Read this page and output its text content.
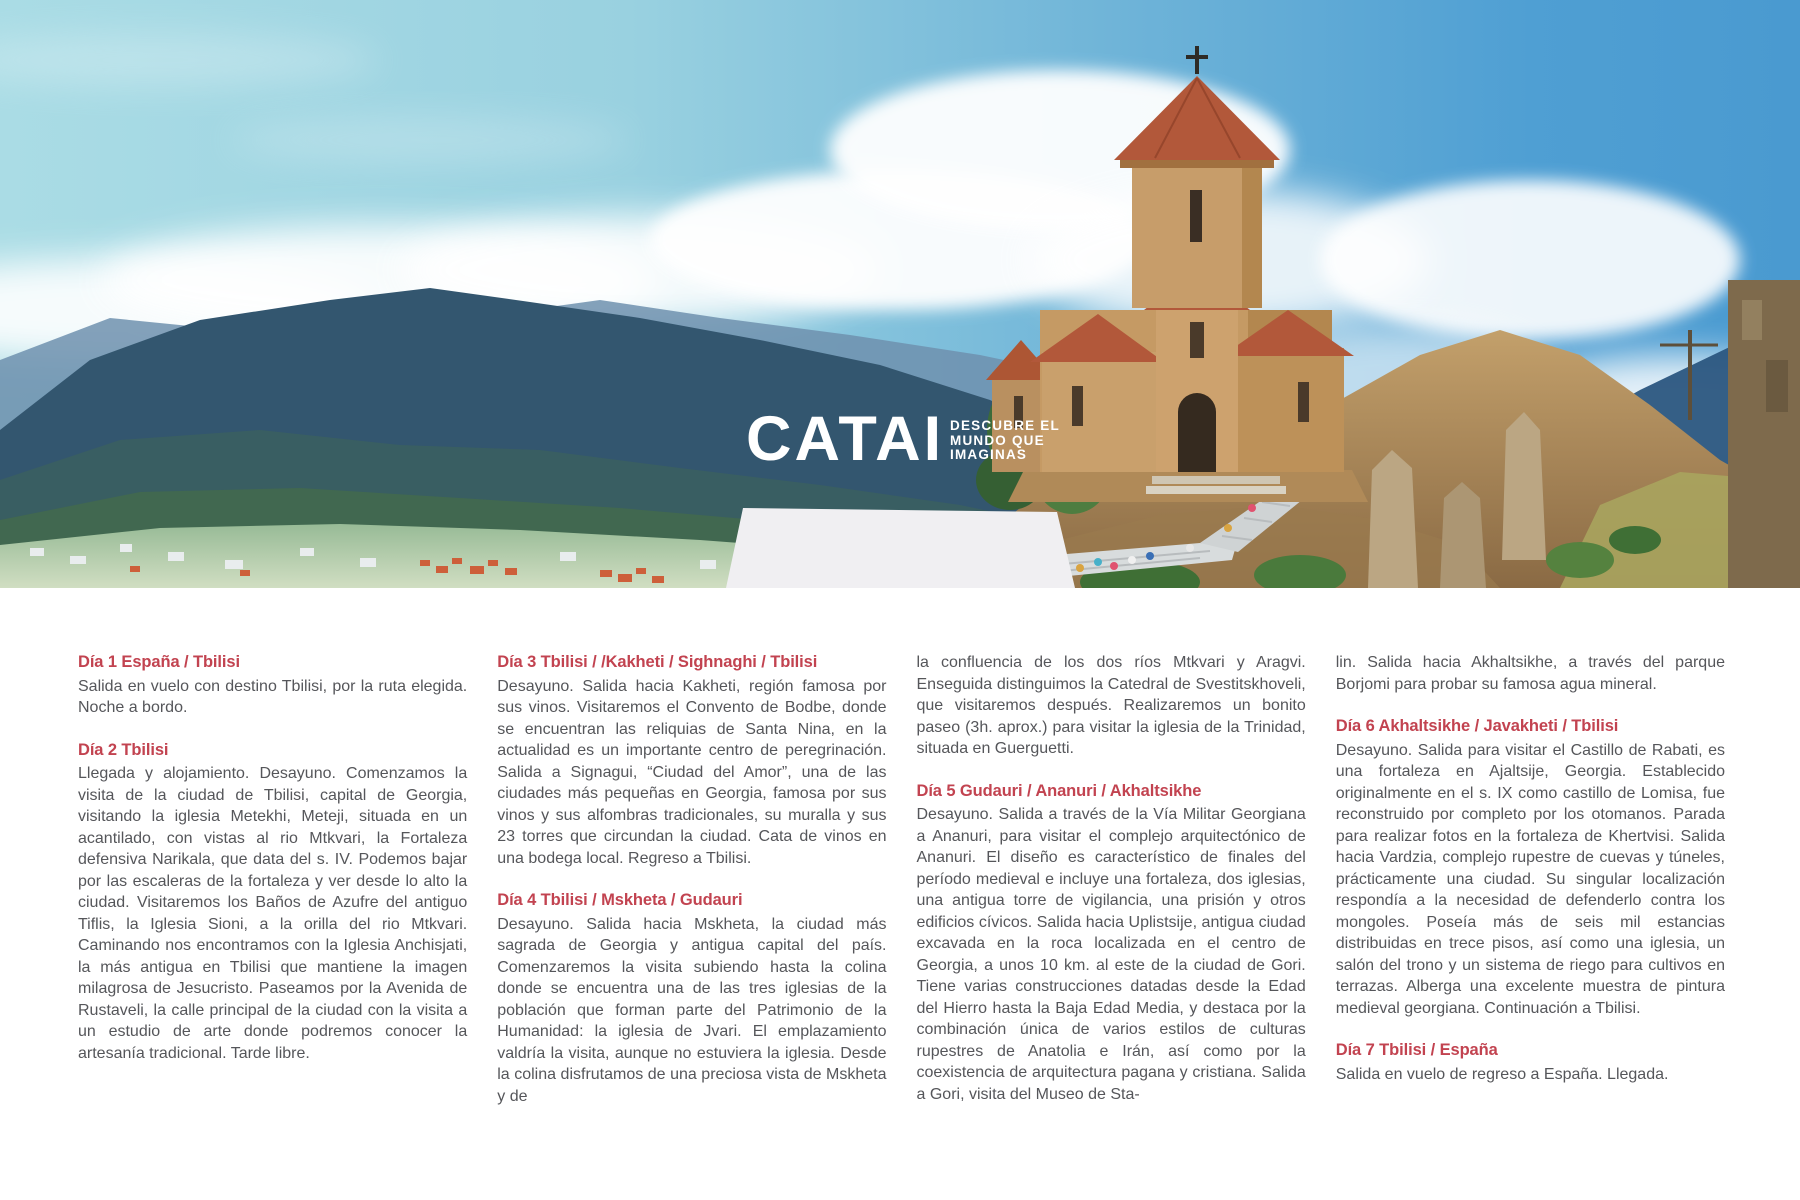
CATAI DESCUBRE EL
MUNDO QUE
IMAGINAS
Día 1 España / Tbilisi

Salida en vuelo con destino Tbilisi, por la ruta elegida. Noche a bordo.

Día 2 Tbilisi

Llegada y alojamiento. Desayuno. Comenzamos la visita de la ciudad de Tbilisi, capital de Georgia, visitando la iglesia Metekhi, Meteji, situada en un acantilado, con vistas al rio Mtkvari, la Fortaleza defensiva Narikala, que data del s. IV. Podemos bajar por las escaleras de la fortaleza y ver desde lo alto la ciudad. Visitaremos los Baños de Azufre del antiguo Tiflis, la Iglesia Sioni, a la orilla del rio Mtkvari. Caminando nos encontramos con la Iglesia Anchisjati, la más antigua en Tbilisi que mantiene la imagen milagrosa de Jesucristo. Paseamos por la Avenida de Rustaveli, la calle principal de la ciudad con la visita a un estudio de arte donde podremos conocer la artesanía tradicional. Tarde libre.

Día 3 Tbilisi / /Kakheti / Sighnaghi / Tbilisi

Desayuno. Salida hacia Kakheti, región famosa por sus vinos. Visitaremos el Convento de Bodbe, donde se encuentran las reliquias de Santa Nina, en la actualidad es un importante centro de peregrinación. Salida a Signagui, “Ciudad del Amor”, una de las ciudades más pequeñas en Georgia, famosa por sus vinos y sus alfombras tradicionales, su muralla y sus 23 torres que circundan la ciudad. Cata de vinos en una bodega local. Regreso a Tbilisi.

Día 4 Tbilisi / Mskheta / Gudauri

Desayuno. Salida hacia Mskheta, la ciudad más sagrada de Georgia y antigua capital del país. Comenzaremos la visita subiendo hasta la colina donde se encuentra una de las tres iglesias de la población que forman parte del Patrimonio de la Humanidad: la iglesia de Jvari. El emplazamiento valdría la visita, aunque no estuviera la iglesia. Desde la colina disfrutamos de una preciosa vista de Mskheta y de

la confluencia de los dos ríos Mtkvari y Aragvi. Enseguida distinguimos la Catedral de Svestitskhoveli, que visitaremos después. Realizaremos un bonito paseo (3h. aprox.) para visitar la iglesia de la Trinidad, situada en Guerguetti.

Día 5 Gudauri / Ananuri / Akhaltsikhe

Desayuno. Salida a través de la Vía Militar Georgiana a Ananuri, para visitar el complejo arquitectónico de Ananuri. El diseño es característico de finales del período medieval e incluye una fortaleza, dos iglesias, una antigua torre de vigilancia, una prisión y otros edificios cívicos. Salida hacia Uplistsije, antigua ciudad excavada en la roca localizada en el centro de Georgia, a unos 10 km. al este de la ciudad de Gori. Tiene varias construcciones datadas desde la Edad del Hierro hasta la Baja Edad Media, y destaca por la combinación única de varios estilos de culturas rupestres de Anatolia e Irán, así como por la coexistencia de arquitectura pagana y cristiana. Salida a Gori, visita del Museo de Sta-

lin. Salida hacia Akhaltsikhe, a través del parque Borjomi para probar su famosa agua mineral.

Día 6 Akhaltsikhe / Javakheti / Tbilisi

Desayuno. Salida para visitar el Castillo de Rabati, es una fortaleza en Ajaltsije, Georgia. Establecido originalmente en el s. IX como castillo de Lomisa, fue reconstruido por completo por los otomanos. Parada para realizar fotos en la fortaleza de Khertvisi. Salida hacia Vardzia, complejo rupestre de cuevas y túneles, prácticamente una ciudad. Su singular localización respondía a la necesidad de defenderlo contra los mongoles. Poseía más de seis mil estancias distribuidas en trece pisos, así como una iglesia, un salón del trono y un sistema de riego para cultivos en terrazas. Alberga una excelente muestra de pintura medieval georgiana. Continuación a Tbilisi.

Día 7 Tbilisi / España

Salida en vuelo de regreso a España. Llegada.
